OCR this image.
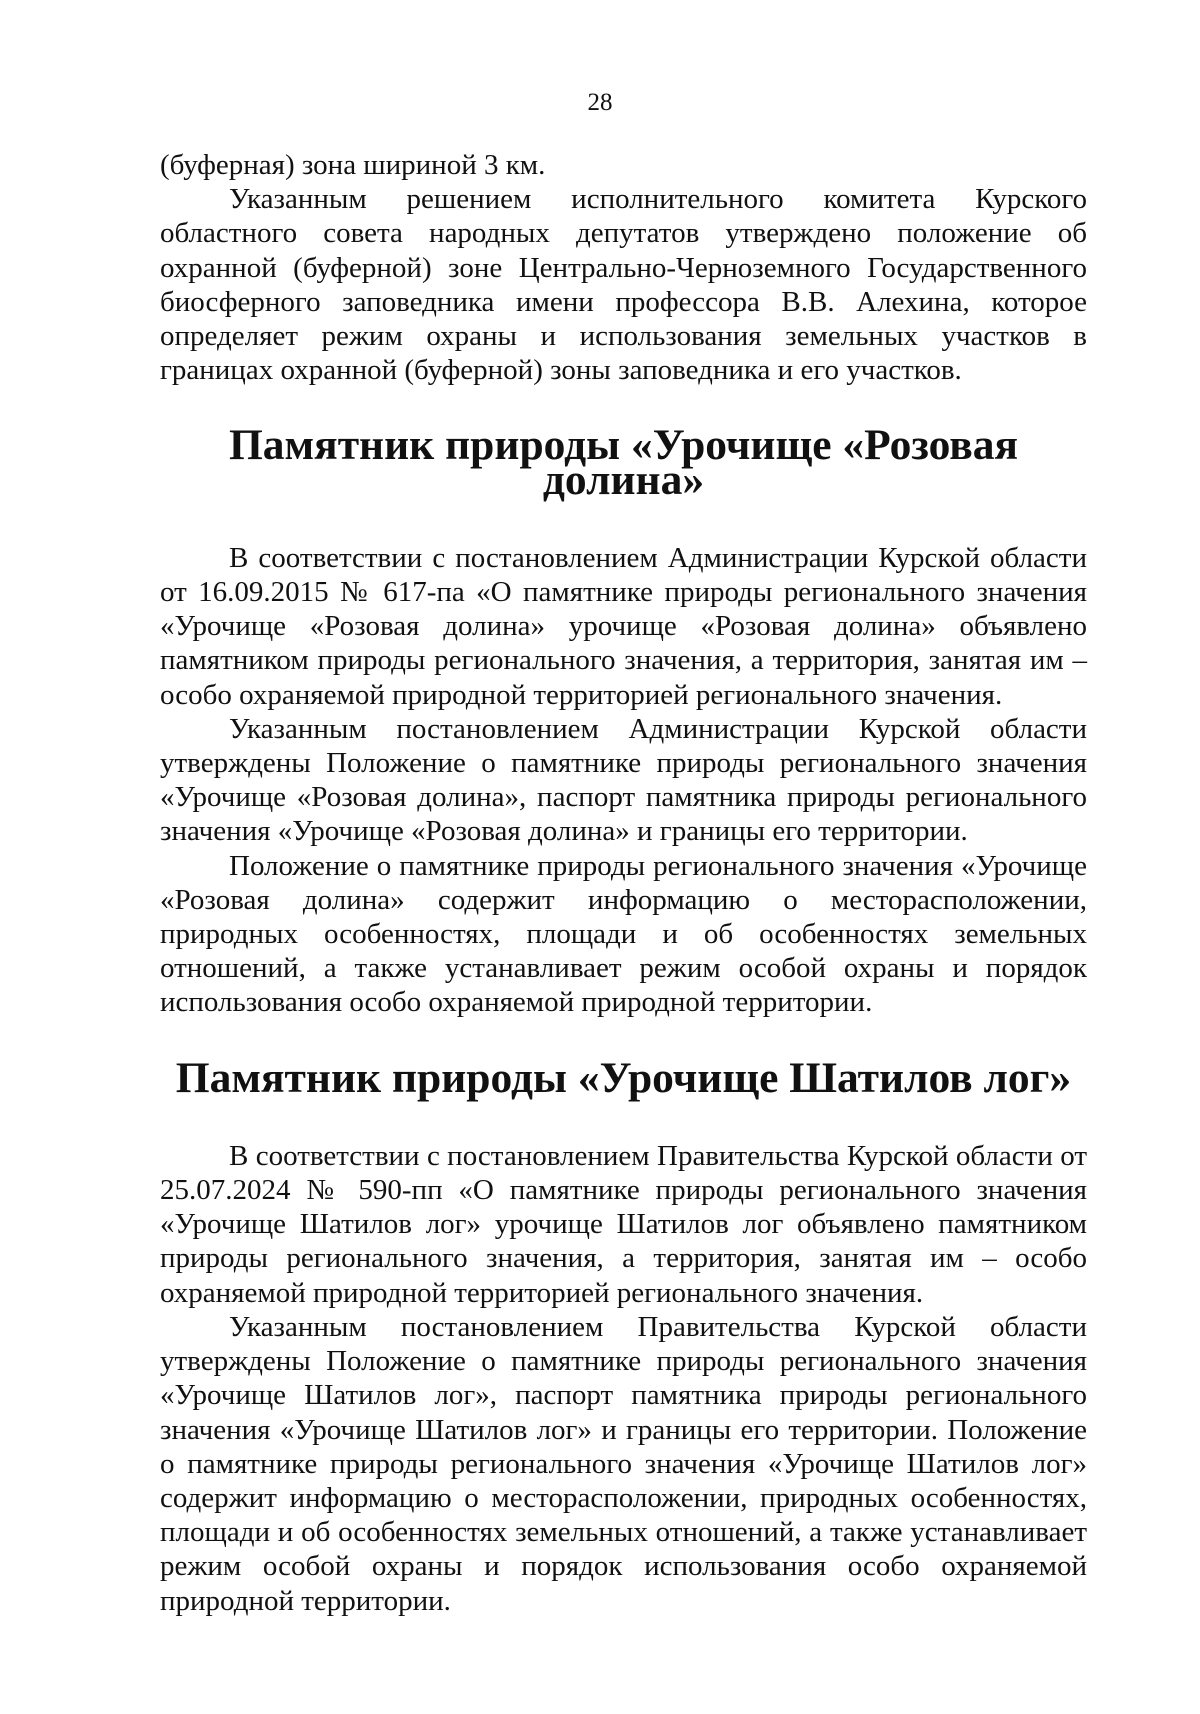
28

(буферная) зона шириной 3 км.

Указанным решением исполнительного комитета Курского областного совета народных депутатов утверждено положение об охранной (буферной) зоне Центрально-Черноземного Государственного биосферного заповедника имени профессора В.В. Алехина, которое определяет режим охраны и использования земельных участков в границах охранной (буферной) зоны заповедника и его участков.

Памятник природы «Урочище «Розовая долина»

В соответствии с постановлением Администрации Курской области от 16.09.2015 № 617-па «О памятнике природы регионального значения «Урочище «Розовая долина» урочище «Розовая долина» объявлено памятником природы регионального значения, а территория, занятая им – особо охраняемой природной территорией регионального значения.

Указанным постановлением Администрации Курской области утверждены Положение о памятнике природы регионального значения «Урочище «Розовая долина», паспорт памятника природы регионального значения «Урочище «Розовая долина» и границы его территории.

Положение о памятнике природы регионального значения «Урочище «Розовая долина» содержит информацию о месторасположении, природных особенностях, площади и об особенностях земельных отношений, а также устанавливает режим особой охраны и порядок использования особо охраняемой природной территории.

Памятник природы «Урочище Шатилов лог»

В соответствии с постановлением Правительства Курской области от 25.07.2024 № 590-пп «О памятнике природы регионального значения «Урочище Шатилов лог» урочище Шатилов лог объявлено памятником природы регионального значения, а территория, занятая им – особо охраняемой природной территорией регионального значения.

Указанным постановлением Правительства Курской области утверждены Положение о памятнике природы регионального значения «Урочище Шатилов лог», паспорт памятника природы регионального значения «Урочище Шатилов лог» и границы его территории. Положение о памятнике природы регионального значения «Урочище Шатилов лог» содержит информацию о месторасположении, природных особенностях, площади и об особенностях земельных отношений, а также устанавливает режим особой охраны и порядок использования особо охраняемой природной территории.
